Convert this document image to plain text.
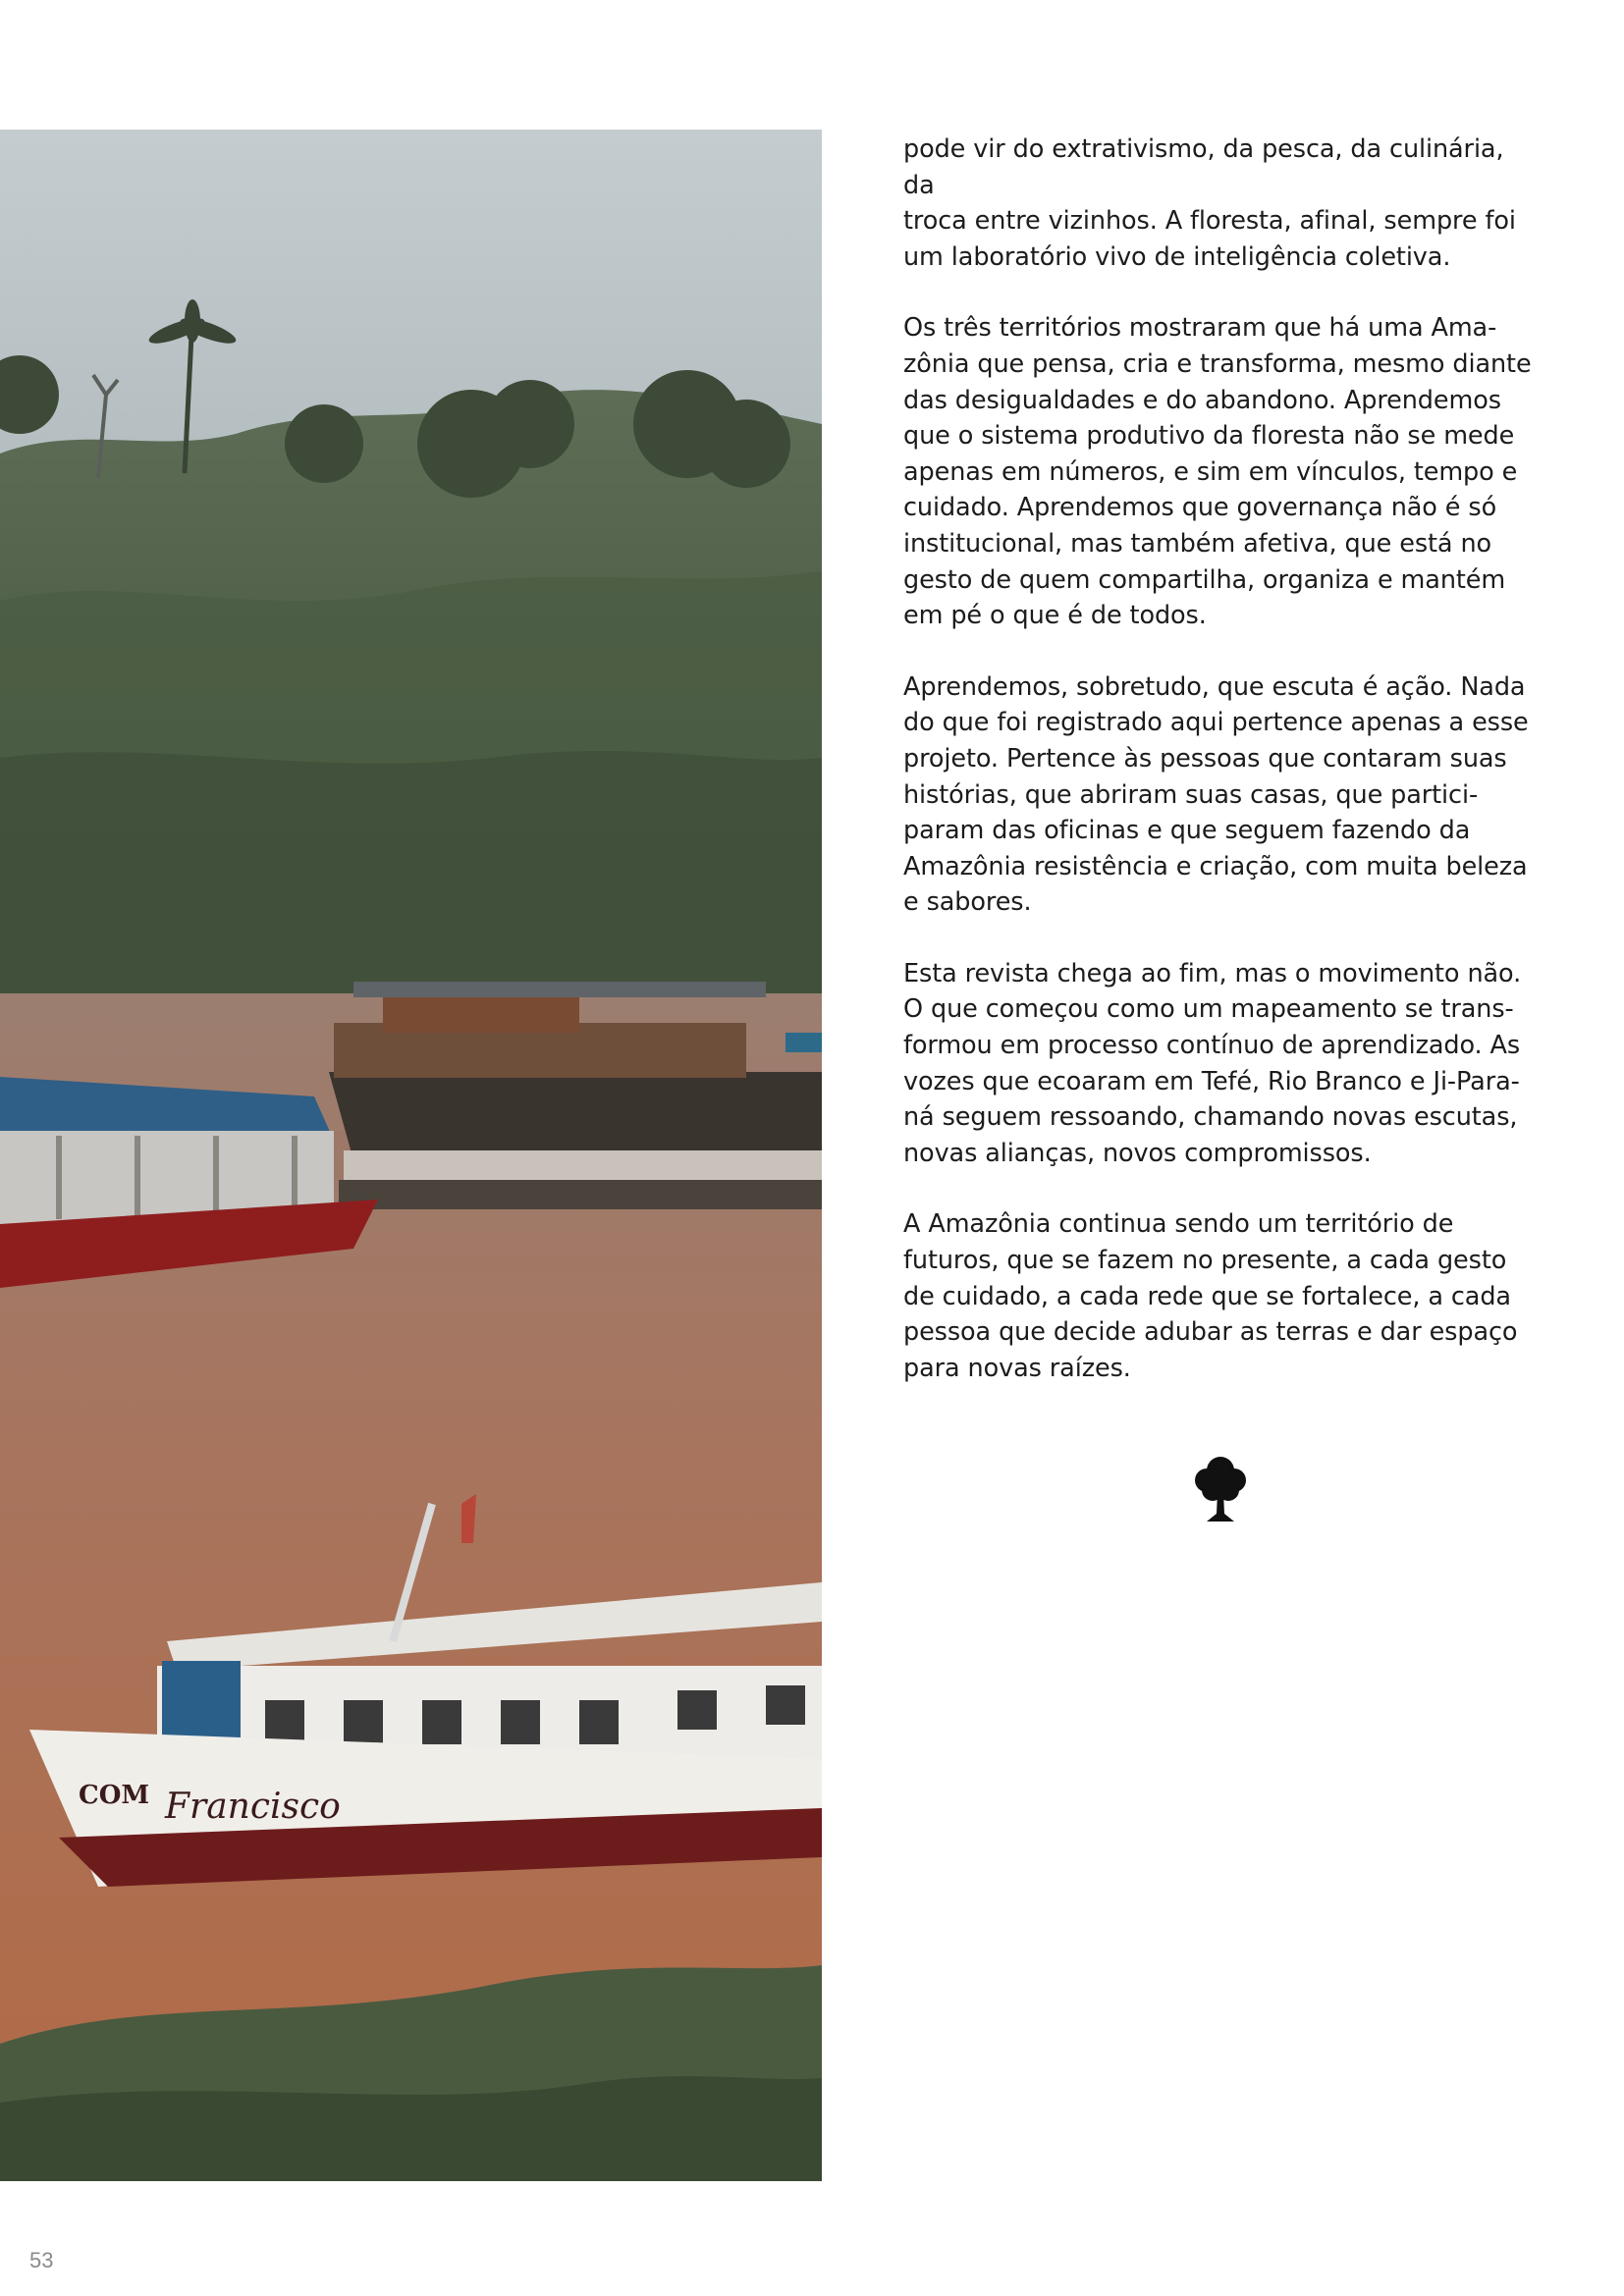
COM Francisco

pode vir do extrativismo, da pesca, da culinária, da
troca entre vizinhos. A floresta, afinal, sempre foi
um laboratório vivo de inteligência coletiva.

Os três territórios mostraram que há uma Ama-
zônia que pensa, cria e transforma, mesmo diante
das desigualdades e do abandono. Aprendemos
que o sistema produtivo da floresta não se mede
apenas em números, e sim em vínculos, tempo e
cuidado. Aprendemos que governança não é só
institucional, mas também afetiva, que está no
gesto de quem compartilha, organiza e mantém
em pé o que é de todos.

Aprendemos, sobretudo, que escuta é ação. Nada
do que foi registrado aqui pertence apenas a esse
projeto. Pertence às pessoas que contaram suas
histórias, que abriram suas casas, que partici-
param das oficinas e que seguem fazendo da
Amazônia resistência e criação, com muita beleza
e sabores.

Esta revista chega ao fim, mas o movimento não.
O que começou como um mapeamento se trans-
formou em processo contínuo de aprendizado. As
vozes que ecoaram em Tefé, Rio Branco e Ji-Para-
ná seguem ressoando, chamando novas escutas,
novas alianças, novos compromissos.

A Amazônia continua sendo um território de
futuros, que se fazem no presente, a cada gesto
de cuidado, a cada rede que se fortalece, a cada
pessoa que decide adubar as terras e dar espaço
para novas raízes.

53
